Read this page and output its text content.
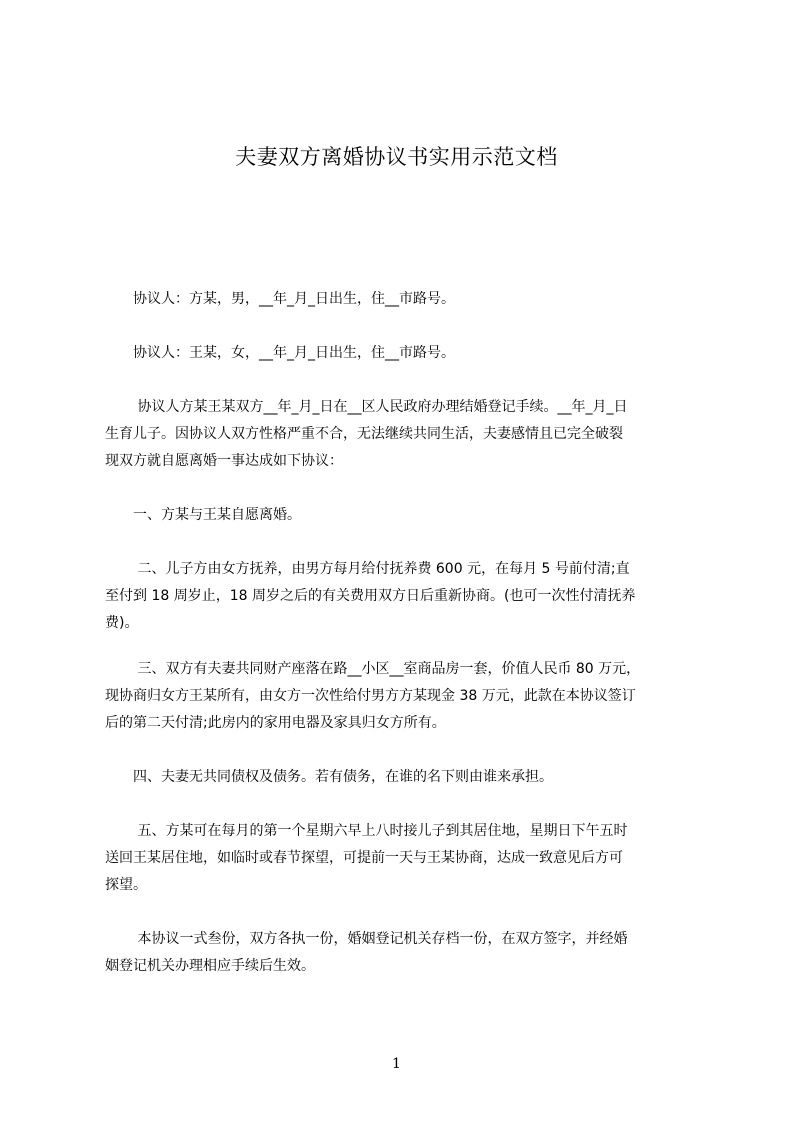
夫妻双方离婚协议书实用示范文档
　　协议人：方某，男，__年_月_日出生，住__市路号。
　　协议人：王某，女，__年_月_日出生，住__市路号。
　　 协议人方某王某双方__年_月_日在__区人民政府办理结婚登记手续。__年_月_日
生育儿子。因协议人双方性格严重不合，无法继续共同生活，夫妻感情且已完全破裂
现双方就自愿离婚一事达成如下协议：
　　一、方某与王某自愿离婚。
　　 二、儿子方由女方抚养，由男方每月给付抚养费 600 元，在每月 5 号前付清;直
至付到 18 周岁止，18 周岁之后的有关费用双方日后重新协商。(也可一次性付清抚养
费)。
　　 三、双方有夫妻共同财产座落在路__小区__室商品房一套，价值人民币 80 万元，
现协商归女方王某所有，由女方一次性给付男方方某现金 38 万元，此款在本协议签订
后的第二天付清;此房内的家用电器及家具归女方所有。
　　四、夫妻无共同债权及债务。若有债务，在谁的名下则由谁来承担。
　　 五、方某可在每月的第一个星期六早上八时接儿子到其居住地，星期日下午五时
送回王某居住地，如临时或春节探望，可提前一天与王某协商，达成一致意见后方可
探望。
　　 本协议一式叁份，双方各执一份，婚姻登记机关存档一份，在双方签字，并经婚
姻登记机关办理相应手续后生效。
1
